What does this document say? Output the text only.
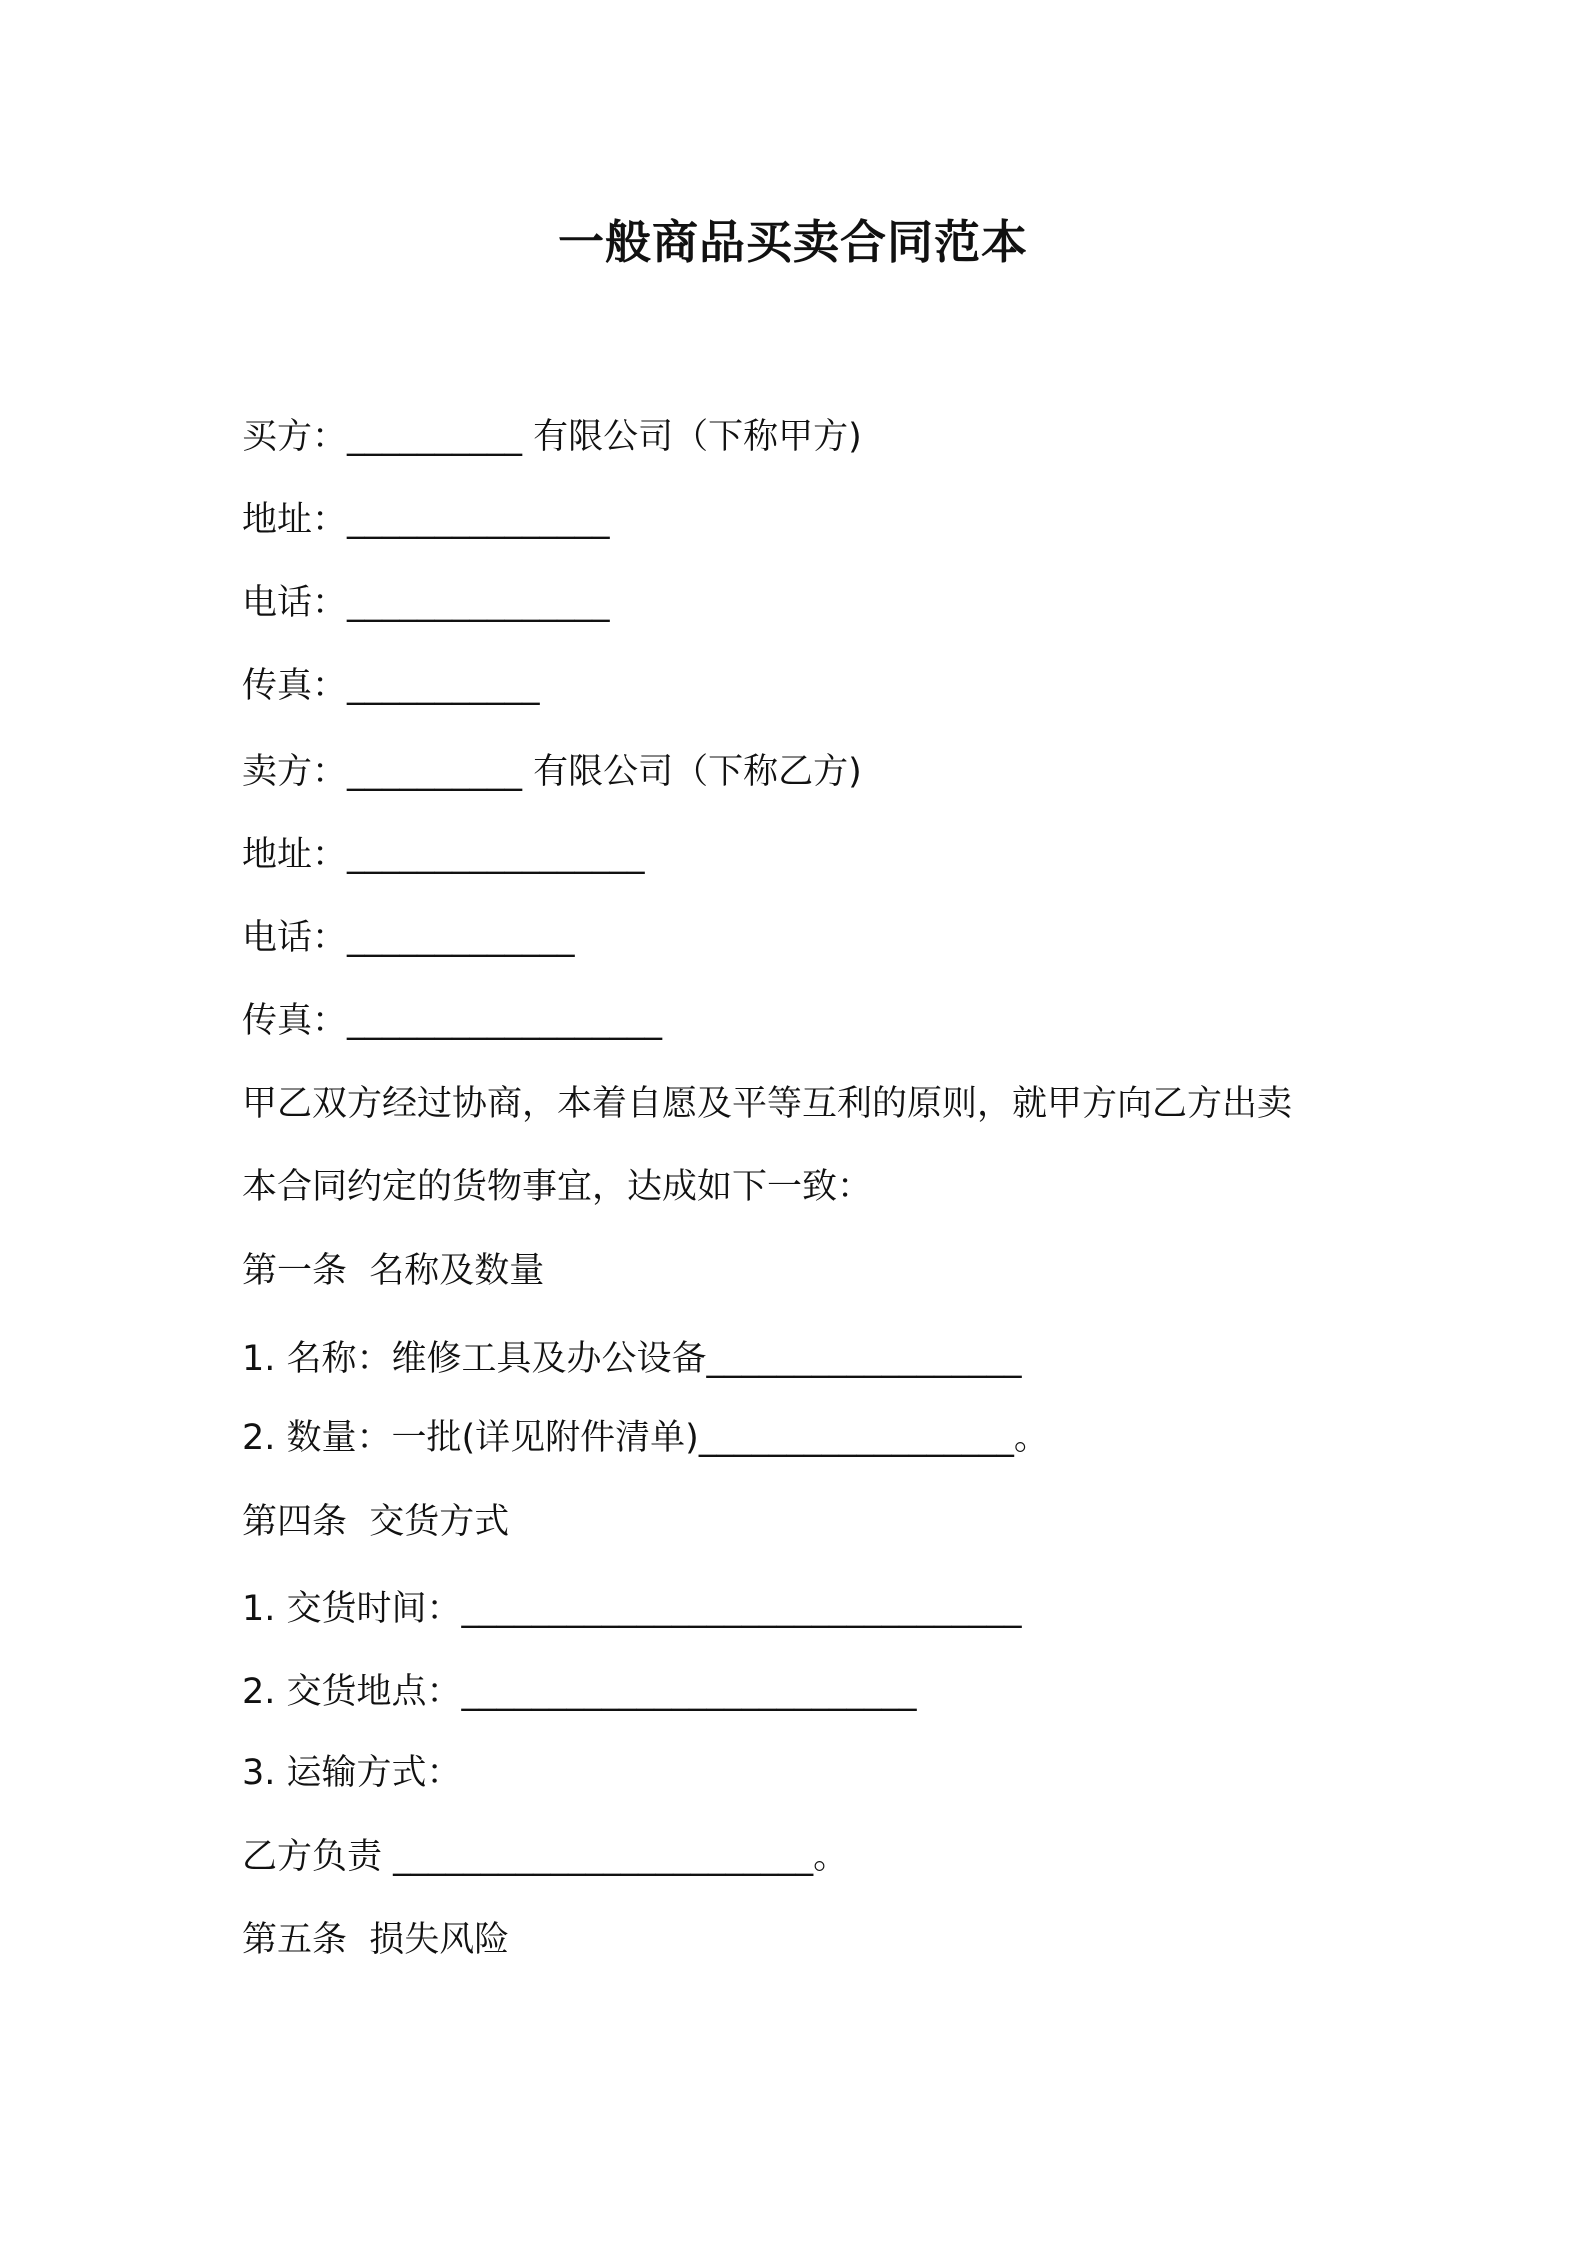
一般商品买卖合同范本
买方：__________ 有限公司（下称甲方)
地址：_______________
电话：_______________
传真：___________
卖方：__________ 有限公司（下称乙方)
地址：_________________
电话：_____________
传真：__________________
甲乙双方经过协商，本着自愿及平等互利的原则，就甲方向乙方出卖
本合同约定的货物事宜，达成如下一致：
第一条  名称及数量
1. 名称：维修工具及办公设备__________________
2. 数量：一批(详见附件清单)__________________。
第四条  交货方式
1. 交货时间：________________________________
2. 交货地点：__________________________
3. 运输方式：
乙方负责 ________________________。
第五条  损失风险
